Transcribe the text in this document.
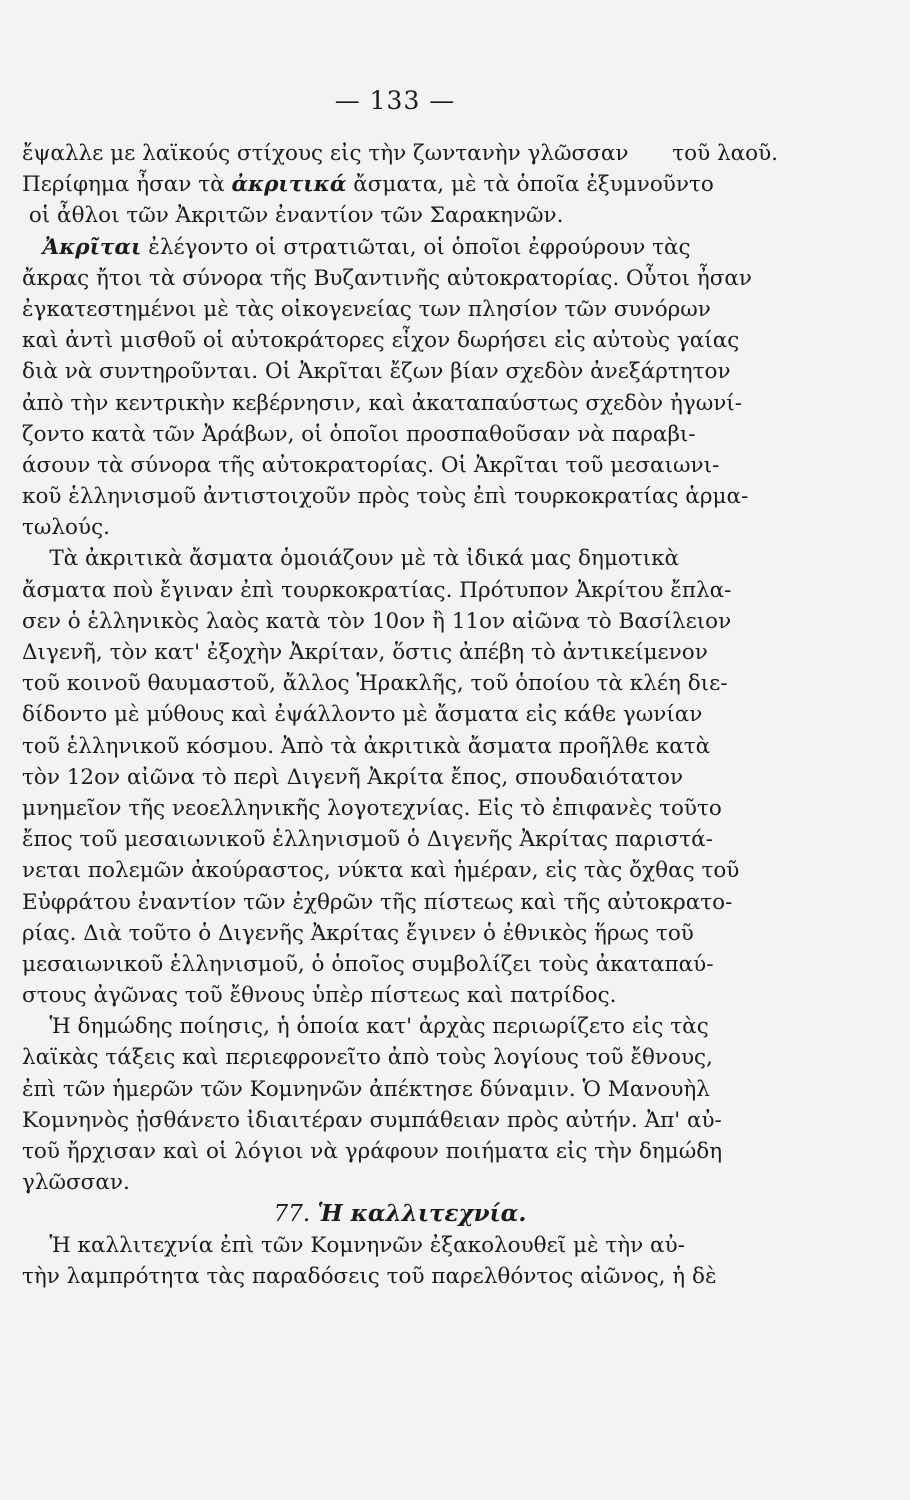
— 133 —
ἔψαλλε με λαϊκούς στίχους εἰς τὴν ζωντανὴν γλῶσσαν τοῦ λαοῦ.
Περίφημα ἦσαν τὰ ἀκριτικά ἄσματα, μὲ τὰ ὁποῖα ἐξυμνοῦντο

οἱ ἆθλοι τῶν Ἀκριτῶν ἐναντίον τῶν Σαρακηνῶν.
Ἀκρῖται ἐλέγοντο οἱ στρατιῶται, οἱ ὁποῖοι ἐφρούρουν τὰς
ἄκρας ἤτοι τὰ σύνορα τῆς Βυζαντινῆς αὐτοκρατορίας. Οὗτοι ἦσαν
ἐγκατεστημένοι μὲ τὰς οἰκογενείας των πλησίον τῶν συνόρων
καὶ ἀντὶ μισθοῦ οἱ αὐτοκράτορες εἶχον δωρήσει εἰς αὐτοὺς γαίας
διὰ νὰ συντηροῦνται. Οἱ Ἀκρῖται ἔζων βίαν σχεδὸν ἀνεξάρτητον
ἀπὸ τὴν κεντρικὴν κεβέρνησιν, καὶ ἀκαταπαύστως σχεδὸν ἠγωνί-
ζοντο κατὰ τῶν Ἀράβων, οἱ ὁποῖοι προσπαθοῦσαν νὰ παραβι-
άσουν τὰ σύνορα τῆς αὐτοκρατορίας. Οἱ Ἀκρῖται τοῦ μεσαιωνι-
κοῦ ἑλληνισμοῦ ἀντιστοιχοῦν πρὸς τοὺς ἐπὶ τουρκοκρατίας ἁρμα-
τωλούς.
Τὰ ἀκριτικὰ ἄσματα ὁμοιάζουν μὲ τὰ ἰδικά μας δημοτικὰ
ἄσματα ποὺ ἔγιναν ἐπὶ τουρκοκρατίας. Πρότυπον Ἀκρίτου ἔπλα-
σεν ὁ ἑλληνικὸς λαὸς κατὰ τὸν 10ον ἢ 11ον αἰῶνα τὸ Βασίλειον
Διγενῆ, τὸν κατ' ἐξοχὴν Ἀκρίταν, ὅστις ἀπέβη τὸ ἀντικείμενον
τοῦ κοινοῦ θαυμαστοῦ, ἄλλος Ἡρακλῆς, τοῦ ὁποίου τὰ κλέη διε-
δίδοντο μὲ μύθους καὶ ἐψάλλοντο μὲ ἄσματα εἰς κάθε γωνίαν
τοῦ ἑλληνικοῦ κόσμου. Ἀπὸ τὰ ἀκριτικὰ ἄσματα προῆλθε κατὰ
τὸν 12ον αἰῶνα τὸ περὶ Διγενῆ Ἀκρίτα ἔπος, σπουδαιότατον
μνημεῖον τῆς νεοελληνικῆς λογοτεχνίας. Εἰς τὸ ἐπιφανὲς τοῦτο
ἔπος τοῦ μεσαιωνικοῦ ἑλληνισμοῦ ὁ Διγενῆς Ἀκρίτας παριστά-
νεται πολεμῶν ἀκούραστος, νύκτα καὶ ἡμέραν, εἰς τὰς ὄχθας τοῦ
Εὐφράτου ἐναντίον τῶν ἐχθρῶν τῆς πίστεως καὶ τῆς αὐτοκρατο-
ρίας. Διὰ τοῦτο ὁ Διγενῆς Ἀκρίτας ἔγινεν ὁ ἐθνικὸς ἥρως τοῦ
μεσαιωνικοῦ ἑλληνισμοῦ, ὁ ὁποῖος συμβολίζει τοὺς ἀκαταπαύ-
στους ἀγῶνας τοῦ ἔθνους ὑπὲρ πίστεως καὶ πατρίδος.
Ἡ δημώδης ποίησις, ἡ ὁποία κατ' ἀρχὰς περιωρίζετο εἰς τὰς
λαϊκὰς τάξεις καὶ περιεφρονεῖτο ἀπὸ τοὺς λογίους τοῦ ἔθνους,
ἐπὶ τῶν ἡμερῶν τῶν Κομνηνῶν ἀπέκτησε δύναμιν. Ὁ Μανουὴλ
Κομνηνὸς ᾐσθάνετο ἰδιαιτέραν συμπάθειαν πρὸς αὐτήν. Ἀπ' αὐ-
τοῦ ἤρχισαν καὶ οἱ λόγιοι νὰ γράφουν ποιήματα εἰς τὴν δημώδη
γλῶσσαν.
77. Ἡ καλλιτεχνία.
Ἡ καλλιτεχνία ἐπὶ τῶν Κομνηνῶν ἐξακολουθεῖ μὲ τὴν αὐ-
τὴν λαμπρότητα τὰς παραδόσεις τοῦ παρελθόντος αἰῶνος, ἡ δὲ
